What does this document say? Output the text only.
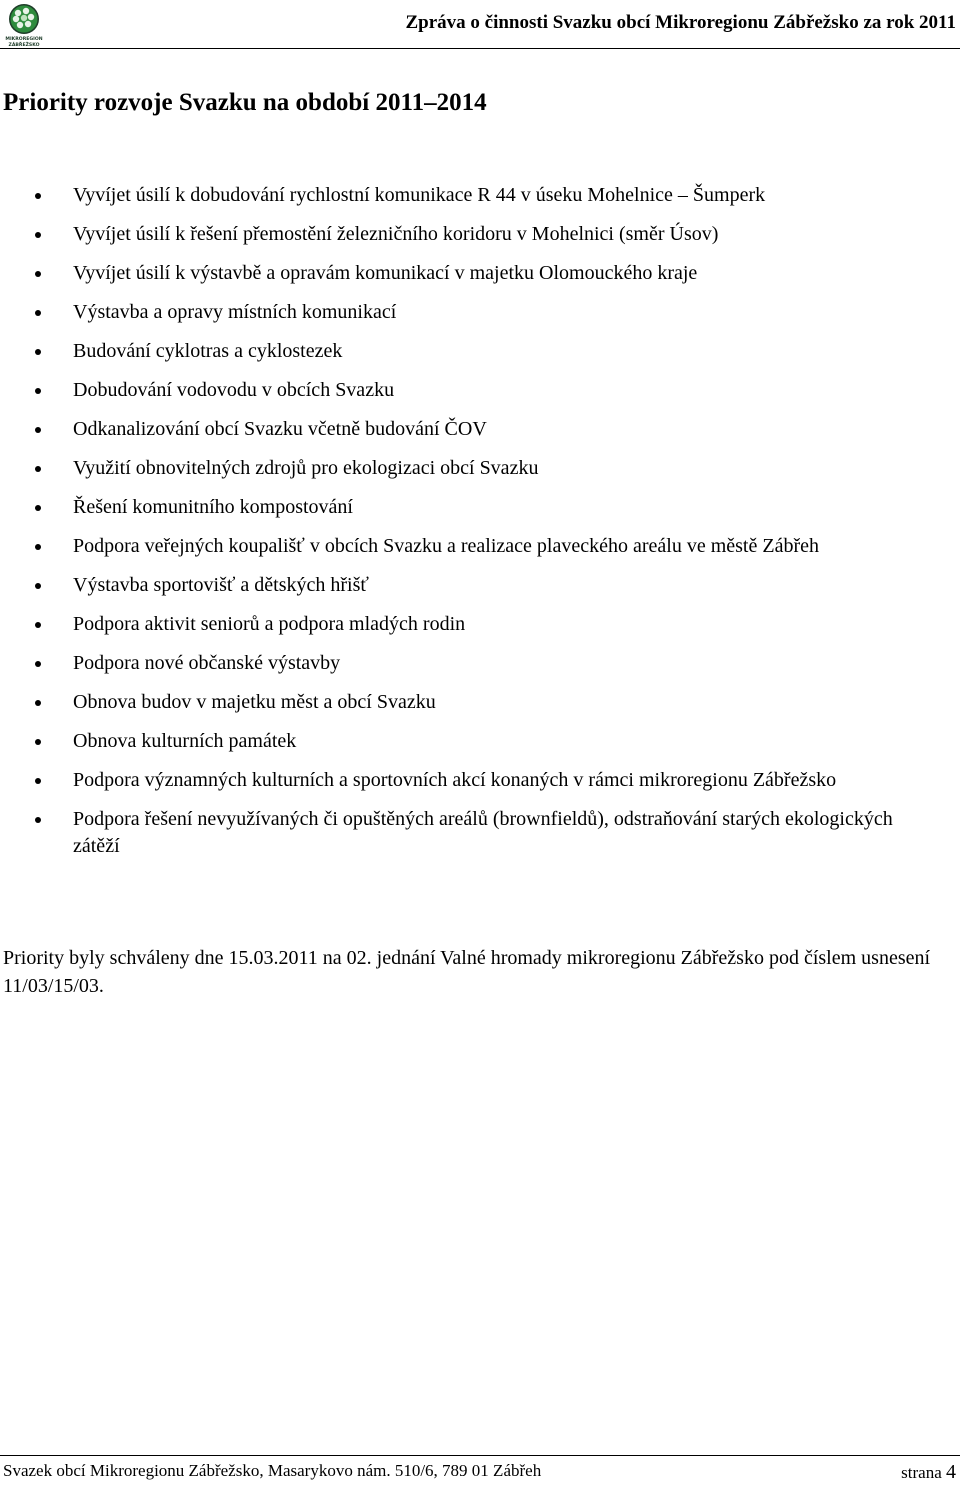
MIKROREGION
ZÁBŘEŽSKO
Zpráva o činnosti Svazku obcí Mikroregionu Zábřežsko za rok 2011
Priority rozvoje Svazku na období 2011–2014
Vyvíjet úsilí k dobudování rychlostní komunikace R 44 v úseku Mohelnice – Šumperk
Vyvíjet úsilí k řešení přemostění železničního koridoru v Mohelnici (směr Úsov)
Vyvíjet úsilí k výstavbě a opravám komunikací v majetku Olomouckého kraje
Výstavba a opravy místních komunikací
Budování cyklotras a cyklostezek
Dobudování vodovodu v obcích Svazku
Odkanalizování obcí Svazku včetně budování ČOV
Využití obnovitelných zdrojů pro ekologizaci obcí Svazku
Řešení komunitního kompostování
Podpora veřejných koupališť v obcích Svazku a realizace plaveckého areálu ve městě Zábřeh
Výstavba sportovišť a dětských hřišť
Podpora aktivit seniorů a podpora mladých rodin
Podpora nové občanské výstavby
Obnova budov v majetku měst a obcí Svazku
Obnova kulturních památek
Podpora významných kulturních a sportovních akcí konaných v rámci mikroregionu Zábřežsko
Podpora řešení nevyužívaných či opuštěných areálů (brownfieldů), odstraňování starých ekologických zátěží

Priority byly schváleny dne 15.03.2011 na 02. jednání Valné hromady mikroregionu Zábřežsko pod číslem usnesení 11/03/15/03.

Svazek obcí Mikroregionu Zábřežsko, Masarykovo nám. 510/6, 789 01 Zábřeh	strana 4
